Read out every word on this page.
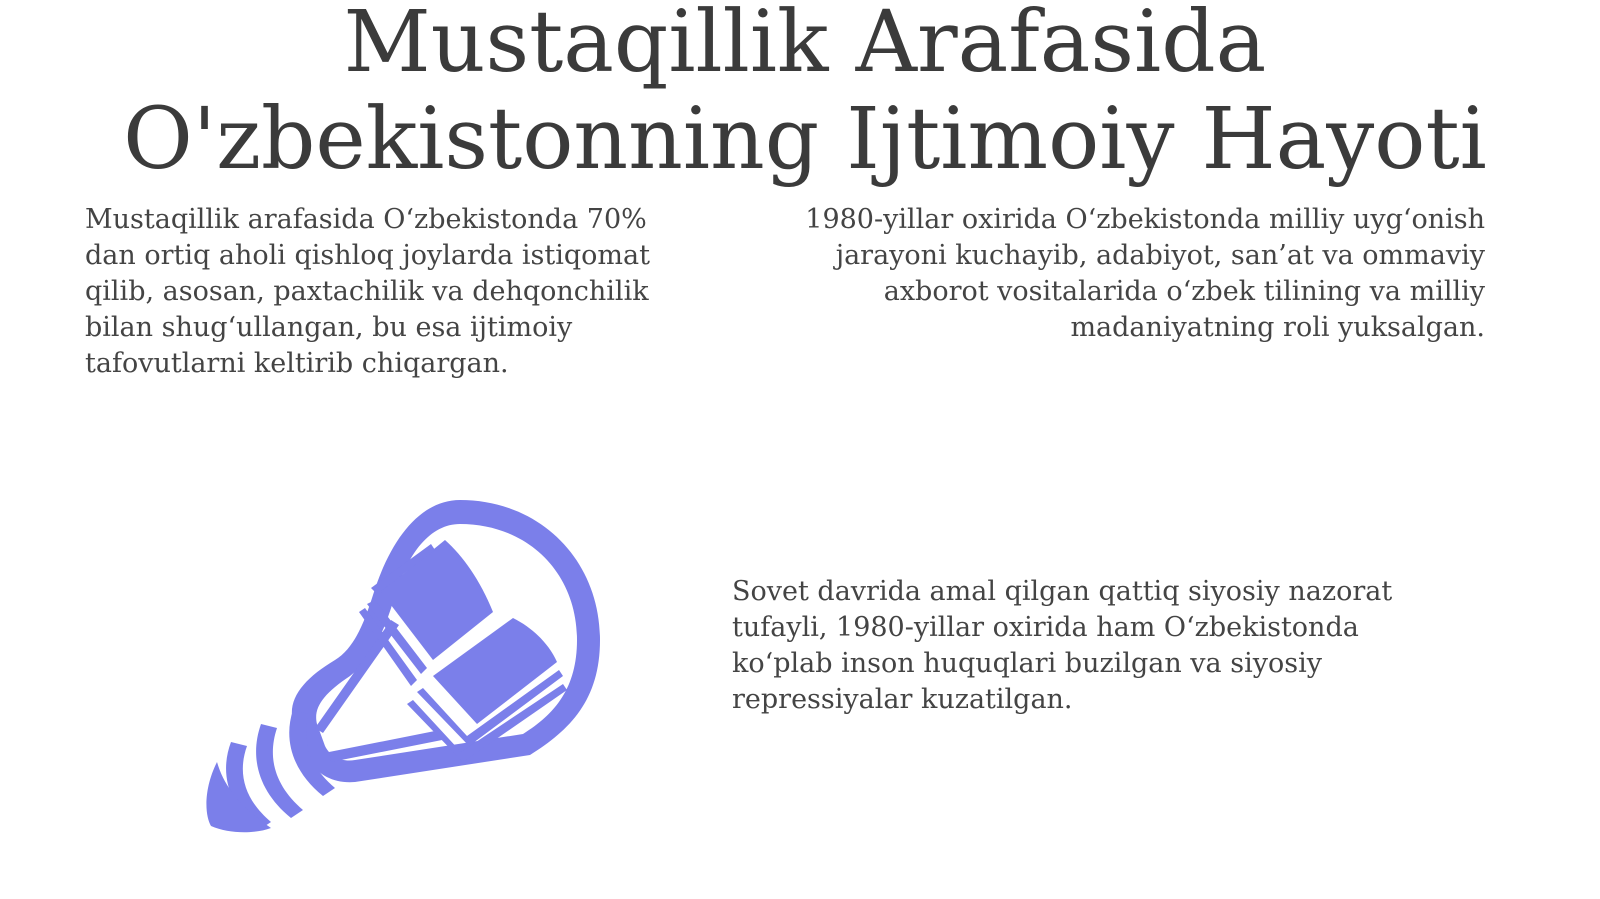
Mustaqillik Arafasida
O'zbekistonning Ijtimoiy Hayoti

Mustaqillik arafasida O‘zbekistonda 70% dan ortiq aholi qishloq joylarda istiqomat qilib, asosan, paxtachilik va dehqonchilik bilan shug‘ullangan, bu esa ijtimoiy tafovutlarni keltirib chiqargan.

1980-yillar oxirida O‘zbekistonda milliy uyg‘onish jarayoni kuchayib, adabiyot, san’at va ommaviy axborot vositalarida o‘zbek tilining va milliy madaniyatning roli yuksalgan.

Sovet davrida amal qilgan qattiq siyosiy nazorat tufayli, 1980-yillar oxirida ham O‘zbekistonda ko‘plab inson huquqlari buzilgan va siyosiy repressiyalar kuzatilgan.
